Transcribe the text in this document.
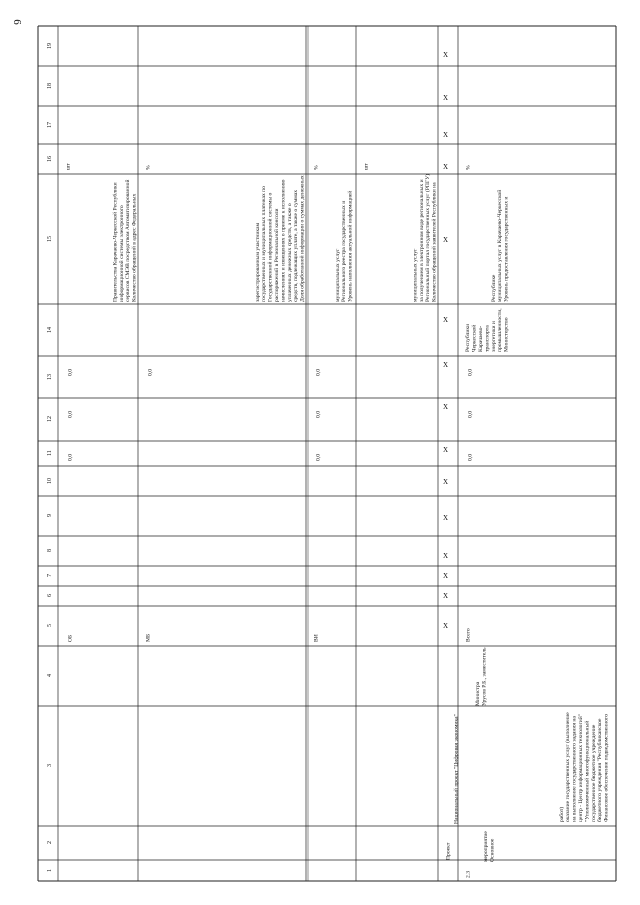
6
1
2
3
4
5
6
7
8
9
10
11
12
13
14
15
16
17
18
19
ОБ
0,0
0,0
0,0
Количество обращений в адрес Федеральных сервисов СМЭВ посредством Автоматизированной информационной системы электронного Правительства Карачаево-Черкесской Республики
шт
МБ
0,0
Доля обработанной информации о суммах денежных средств, подлежащих уплате, а также о суммах уплаченных денежных средств, а также о начислениях и извещениях о приеме к исполнению распоряжений в Региональной консоли Государственной информационной системы о государственных и муниципальных платежах по зарегистрированным участникам
%
ВИ
0,0
0,0
0,0
Уровень наполнения актуальной информацией Регионального реестра государственных и муниципальных услуг
%
Количество обращений заявителей Республики на Региональный портал государственных услуг (РПГУ) за получением в электронном виде региональных и муниципальных услуг
шт
Проект
Национальный проект "Цифровая экономика"
X
X
X
X
X
X
X
X
X
X
X
X
X
X
X
2.3
Основное мероприятие
Финансовое обеспечение подведомственного бюджетного учреждения "Республиканское государственное бюджетное учреждение "Уполномоченный многофункциональный центр - Центр информационных технологий" на выполнение государственного задания на оказание государственных услуг (выполнение работ)
Урусов Р.Б., заместитель Министра
Всего
0,0
0,0
0,0
Министерство промышленности, энергетики и транспорта Карачаево-Черкесской Республики
Уровень предоставления государственных и муниципальных услуг в Карачаево-Черкесской Республике
%
